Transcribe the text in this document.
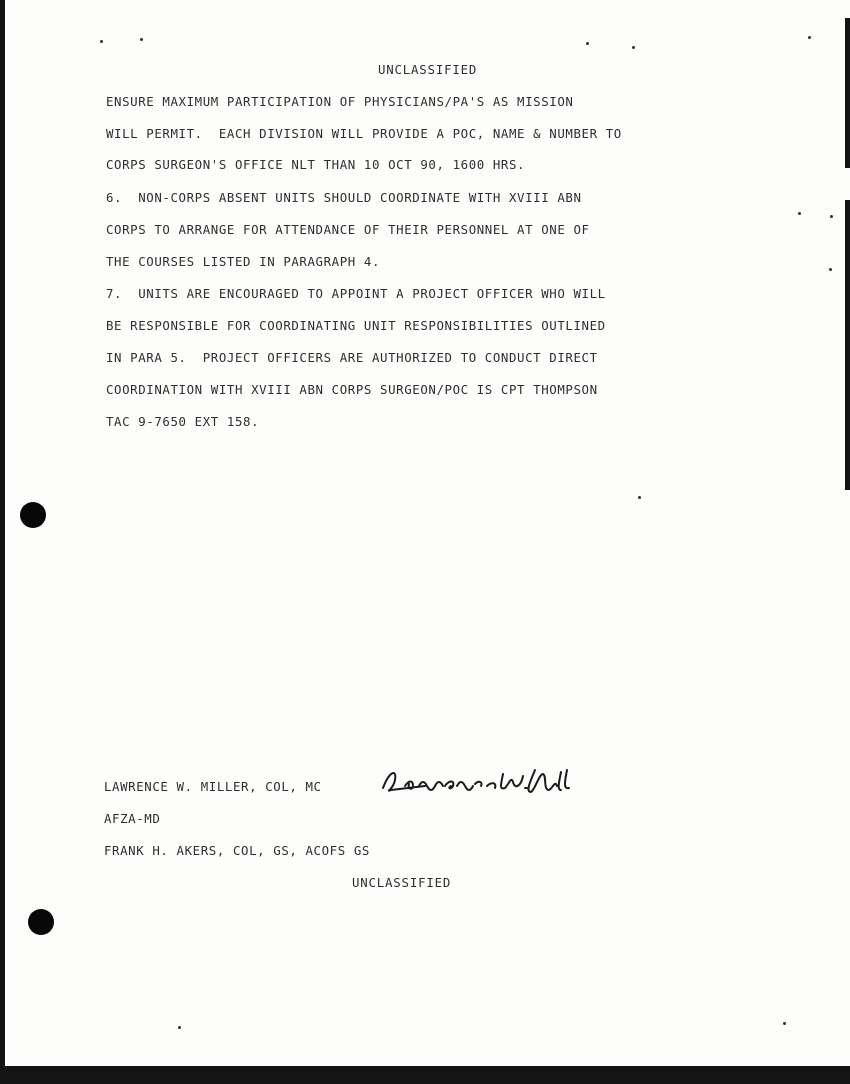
UNCLASSIFIED
ENSURE MAXIMUM PARTICIPATION OF PHYSICIANS/PA'S AS MISSION
WILL PERMIT.  EACH DIVISION WILL PROVIDE A POC, NAME & NUMBER TO
CORPS SURGEON'S OFFICE NLT THAN 10 OCT 90, 1600 HRS.
6.  NON-CORPS ABSENT UNITS SHOULD COORDINATE WITH XVIII ABN
CORPS TO ARRANGE FOR ATTENDANCE OF THEIR PERSONNEL AT ONE OF
THE COURSES LISTED IN PARAGRAPH 4.
7.  UNITS ARE ENCOURAGED TO APPOINT A PROJECT OFFICER WHO WILL
BE RESPONSIBLE FOR COORDINATING UNIT RESPONSIBILITIES OUTLINED
IN PARA 5.  PROJECT OFFICERS ARE AUTHORIZED TO CONDUCT DIRECT
COORDINATION WITH XVIII ABN CORPS SURGEON/POC IS CPT THOMPSON
TAC 9-7650 EXT 158.
LAWRENCE W. MILLER, COL, MC
AFZA-MD
FRANK H. AKERS, COL, GS, ACOFS GS
UNCLASSIFIED
